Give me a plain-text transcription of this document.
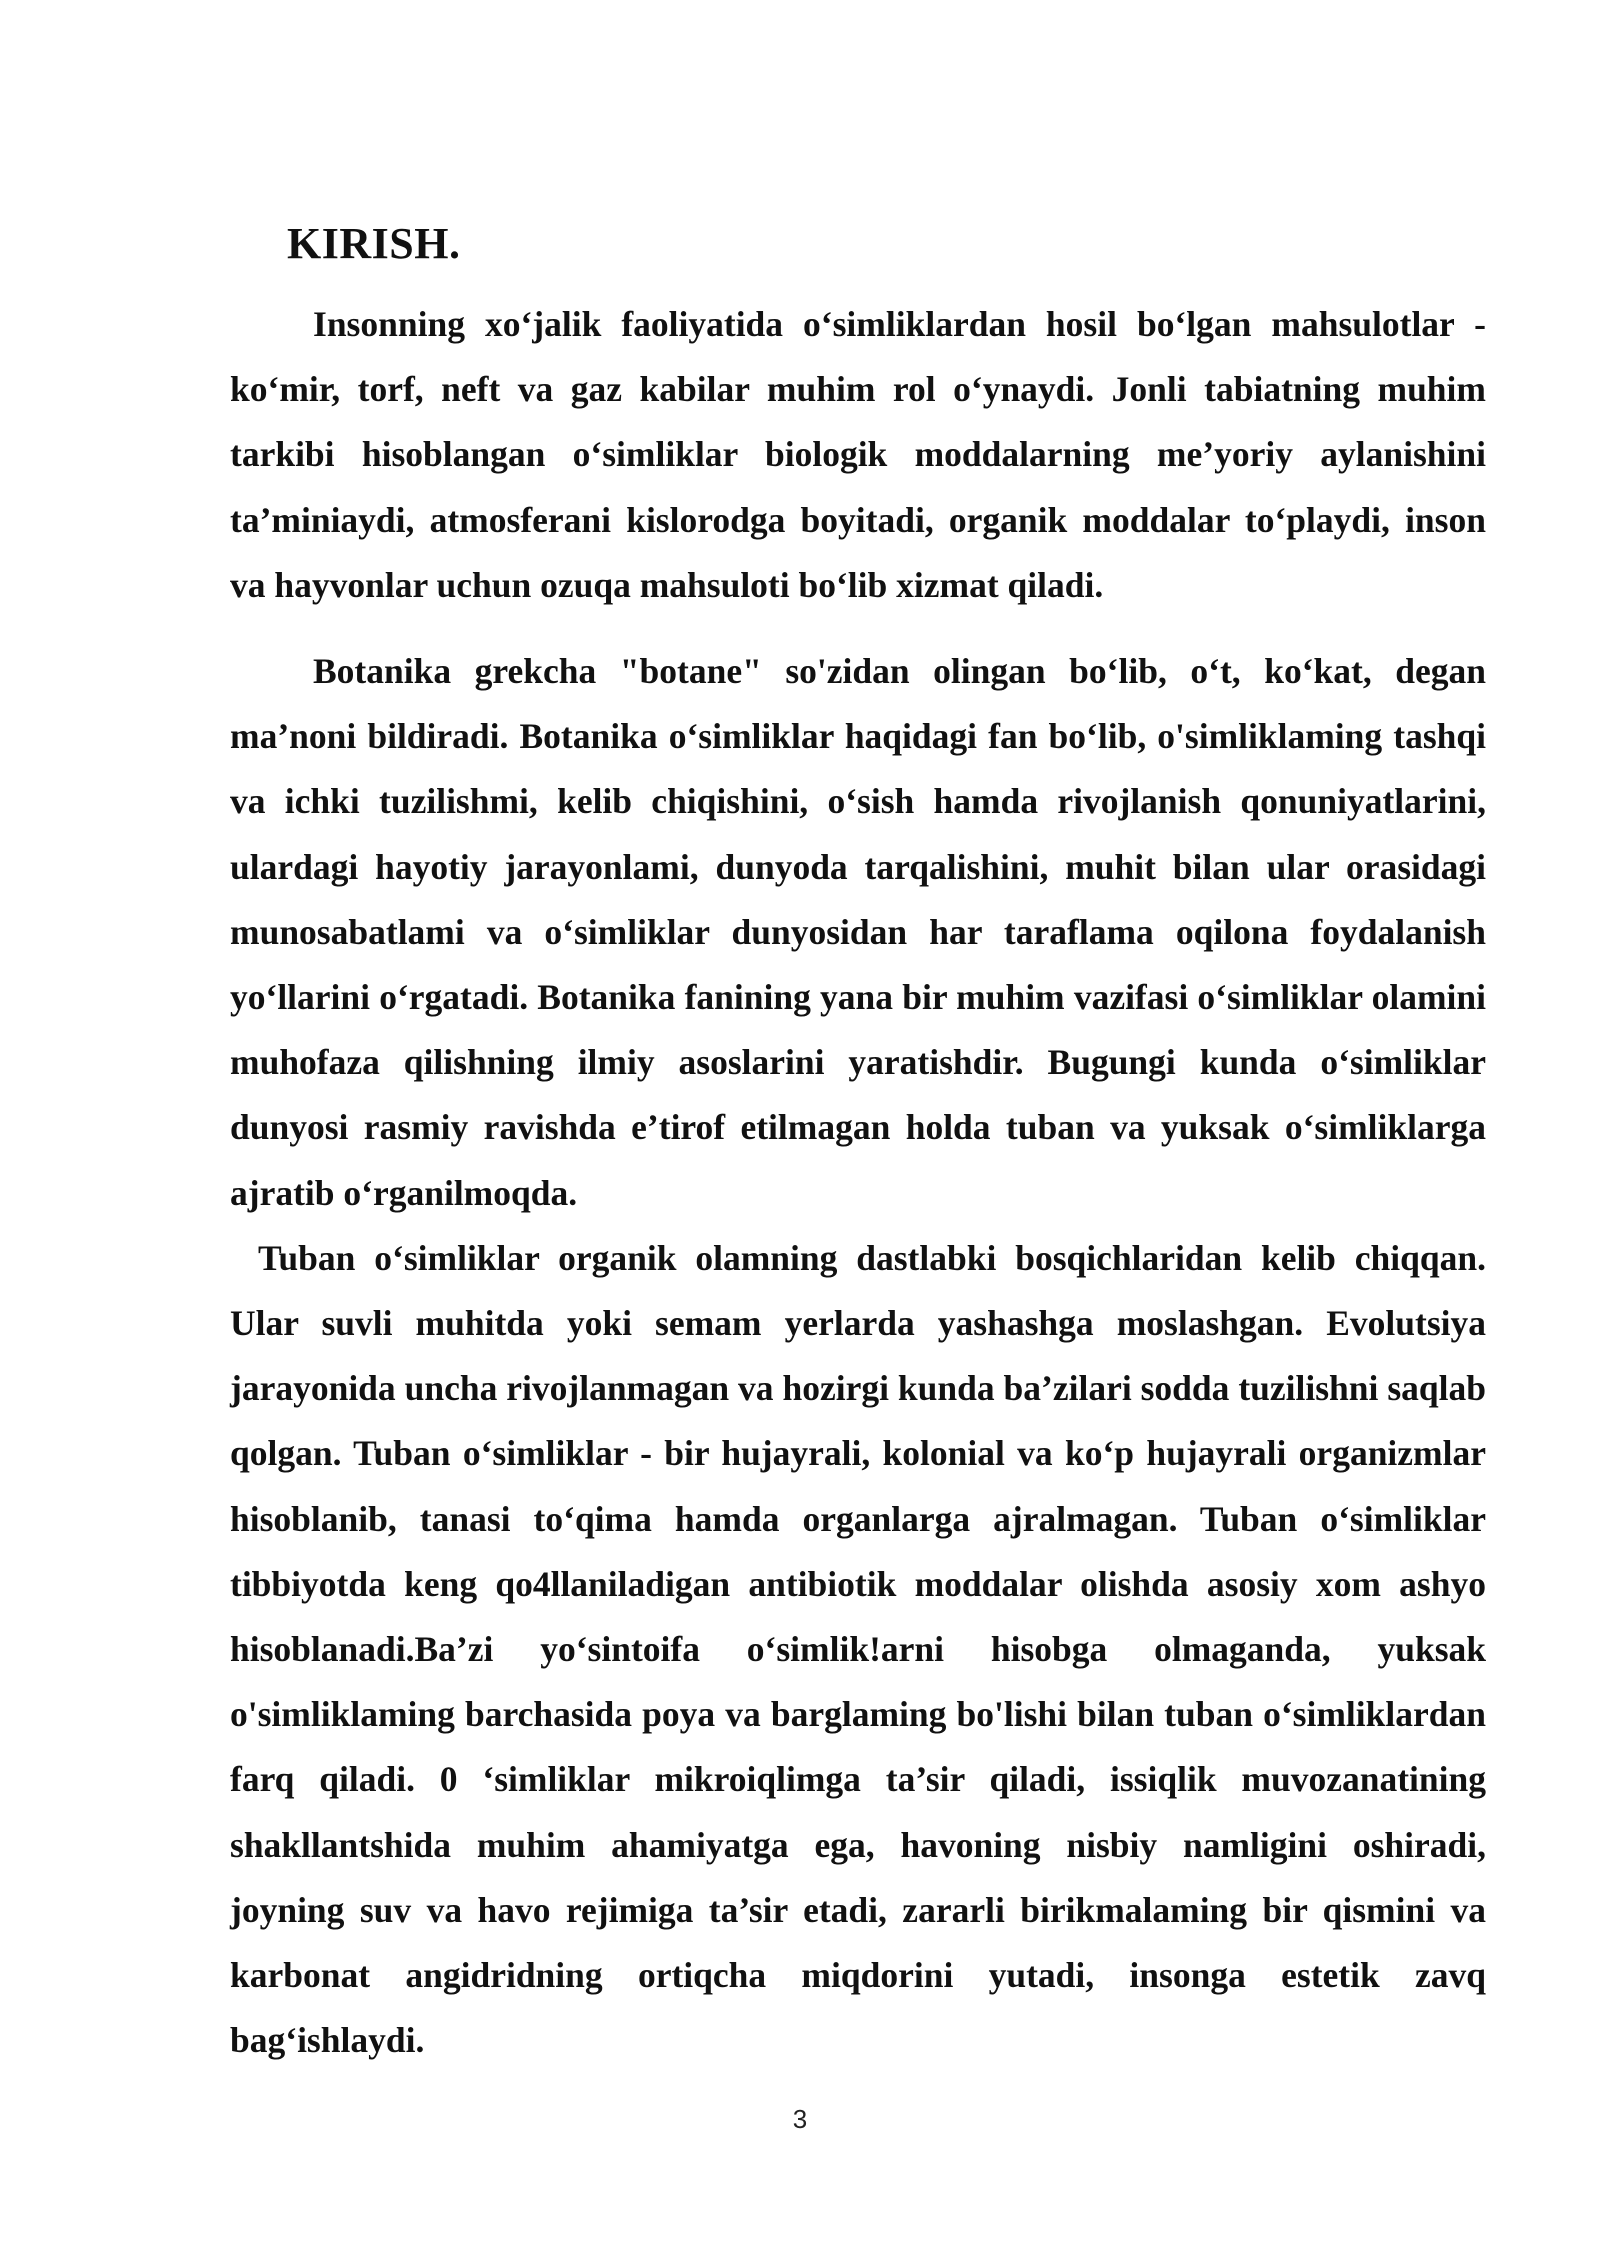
KIRISH.

Insonning xo‘jalik faoliyatida o‘simliklardan hosil bo‘lgan mahsulotlar - ko‘mir, torf, neft va gaz kabilar muhim rol o‘ynaydi. Jonli tabiatning muhim tarkibi hisoblangan o‘simliklar biologik moddalarning me’yoriy aylanishini ta’miniaydi, atmosferani kislorodga boyitadi, organik moddalar to‘playdi, inson va hayvonlar uchun ozuqa mahsuloti bo‘lib xizmat qiladi.

Botanika grekcha "botane" so'zidan olingan bo‘lib, o‘t, ko‘kat, degan ma’noni bildiradi. Botanika o‘simliklar haqidagi fan bo‘lib, o'simliklaming tashqi va ichki tuzilishmi, kelib chiqishini, o‘sish hamda rivojlanish qonuniyatlarini, ulardagi hayotiy jarayonlami, dunyoda tarqalishini, muhit bilan ular orasidagi munosabatlami va o‘simliklar dunyosidan har taraflama oqilona foydalanish yo‘llarini o‘rgatadi. Botanika fanining yana bir muhim vazifasi o‘simliklar olamini muhofaza qilishning ilmiy asoslarini yaratishdir. Bugungi kunda o‘simliklar dunyosi rasmiy ravishda e’tirof etilmagan holda tuban va yuksak o‘simliklarga ajratib o‘rganilmoqda.
Tuban o‘simliklar organik olamning dastlabki bosqichlaridan kelib chiqqan. Ular suvli muhitda yoki semam yerlarda yashashga moslashgan. Evolutsiya jarayonida uncha rivojlanmagan va hozirgi kunda ba’zilari sodda tuzilishni saqlab qolgan. Tuban o‘simliklar - bir hujayrali, kolonial va ko‘p hujayrali organizmlar hisoblanib, tanasi to‘qima hamda organlarga ajralmagan. Tuban o‘simliklar tibbiyotda keng qo4llaniladigan antibiotik moddalar olishda asosiy xom ashyo hisoblanadi.Ba’zi yo‘sintoifa o‘simlik!arni hisobga olmaganda, yuksak o'simliklaming barchasida poya va barglaming bo'lishi bilan tuban o‘simliklardan farq qiladi. 0 ‘simliklar mikroiqlimga ta’sir qiladi, issiqlik muvozanatining shakllantshida muhim ahamiyatga ega, havoning nisbiy namligini oshiradi, joyning suv va havo rejimiga ta’sir etadi, zararli birikmalaming bir qismini va karbonat angidridning ortiqcha miqdorini yutadi, insonga estetik zavq bag‘ishlaydi.

3
